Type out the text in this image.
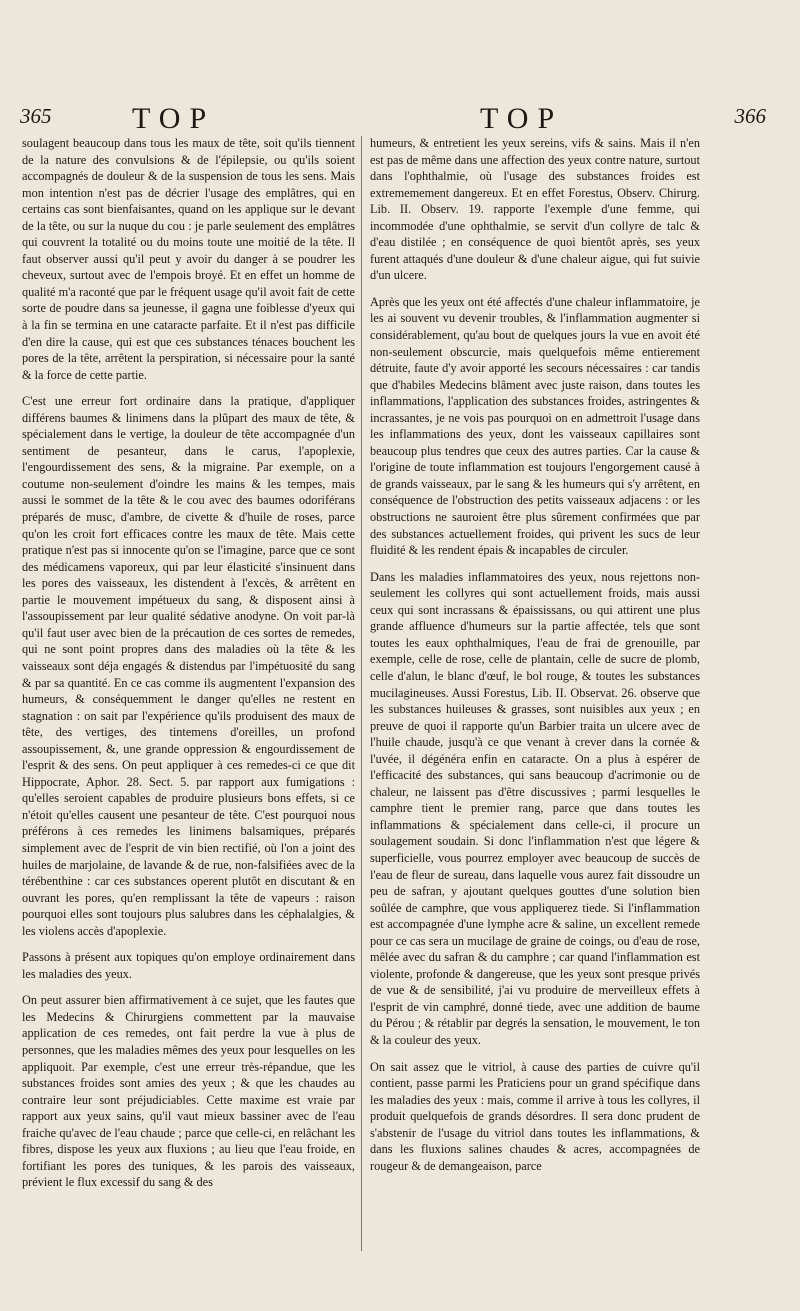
365	TOP	TOP	366

soulagent beaucoup dans tous les maux de tête, soit qu'ils tiennent de la nature des convulsions & de l'épilepsie, ou qu'ils soient accompagnés de douleur & de la suspension de tous les sens. Mais mon intention n'est pas de décrier l'usage des emplâtres, qui en certains cas sont bienfaisantes, quand on les applique sur le devant de la tête, ou sur la nuque du cou : je parle seulement des emplâtres qui couvrent la totalité ou du moins toute une moitié de la tête. Il faut observer aussi qu'il peut y avoir du danger à se poudrer les cheveux, surtout avec de l'empois broyé. Et en effet un homme de qualité m'a raconté que par le fréquent usage qu'il avoit fait de cette sorte de poudre dans sa jeunesse, il gagna une foiblesse d'yeux qui à la fin se termina en une cataracte parfaite. Et il n'est pas difficile d'en dire la cause, qui est que ces substances ténaces bouchent les pores de la tête, arrêtent la perspiration, si nécessaire pour la santé & la force de cette partie.

C'est une erreur fort ordinaire dans la pratique, d'appliquer différens baumes & linimens dans la plûpart des maux de tête, & spécialement dans le vertige, la douleur de tête accompagnée d'un sentiment de pesanteur, dans le carus, l'apoplexie, l'engourdissement des sens, & la migraine. Par exemple, on a coutume non-seulement d'oindre les mains & les tempes, mais aussi le sommet de la tête & le cou avec des baumes odoriférans préparés de musc, d'ambre, de civette & d'huile de roses, parce qu'on les croit fort efficaces contre les maux de tête. Mais cette pratique n'est pas si innocente qu'on se l'imagine, parce que ce sont des médicamens vaporeux, qui par leur élasticité s'insinuent dans les pores des vaisseaux, les distendent à l'excès, & arrêtent en partie le mouvement impétueux du sang, & disposent ainsi à l'assoupissement par leur qualité sédative anodyne. On voit par-là qu'il faut user avec bien de la précaution de ces sortes de remedes, qui ne sont point propres dans des maladies où la tête & les vaisseaux sont déja engagés & distendus par l'impétuosité du sang & par sa quantité. En ce cas comme ils augmentent l'expansion des humeurs, & conséquemment le danger qu'elles ne restent en stagnation : on sait par l'expérience qu'ils produisent des maux de tête, des vertiges, des tintemens d'oreilles, un profond assoupissement, &, une grande oppression & engourdissement de l'esprit & des sens. On peut appliquer à ces remedes-ci ce que dit Hippocrate, Aphor. 28. Sect. 5. par rapport aux fumigations : qu'elles seroient capables de produire plusieurs bons effets, si ce n'étoit qu'elles causent une pesanteur de tête. C'est pourquoi nous préférons à ces remedes les linimens balsamiques, préparés simplement avec de l'esprit de vin bien rectifié, où l'on a joint des huiles de marjolaine, de lavande & de rue, non-falsifiées avec de la térébenthine : car ces substances operent plutôt en discutant & en ouvrant les pores, qu'en remplissant la tête de vapeurs : raison pourquoi elles sont toujours plus salubres dans les céphalalgies, & les violens accès d'apoplexie.

Passons à présent aux topiques qu'on employe ordinairement dans les maladies des yeux.

On peut assurer bien affirmativement à ce sujet, que les fautes que les Medecins & Chirurgiens commettent par la mauvaise application de ces remedes, ont fait perdre la vue à plus de personnes, que les maladies mêmes des yeux pour lesquelles on les appliquoit. Par exemple, c'est une erreur très-répandue, que les substances froides sont amies des yeux ; & que les chaudes au contraire leur sont préjudiciables. Cette maxime est vraie par rapport aux yeux sains, qu'il vaut mieux bassiner avec de l'eau fraiche qu'avec de l'eau chaude ; parce que celle-ci, en relâchant les fibres, dispose les yeux aux fluxions ; au lieu que l'eau froide, en fortifiant les pores des tuniques, & les parois des vaisseaux, prévient le flux excessif du sang & des

humeurs, & entretient les yeux sereins, vifs & sains. Mais il n'en est pas de même dans une affection des yeux contre nature, surtout dans l'ophthalmie, où l'usage des substances froides est extrememement dangereux. Et en effet Forestus, Observ. Chirurg. Lib. II. Observ. 19. rapporte l'exemple d'une femme, qui incommodée d'une ophthalmie, se servit d'un collyre de talc & d'eau distilée ; en conséquence de quoi bientôt après, ses yeux furent attaqués d'une douleur & d'une chaleur aigue, qui fut suivie d'un ulcere.

Après que les yeux ont été affectés d'une chaleur inflammatoire, je les ai souvent vu devenir troubles, & l'inflammation augmenter si considérablement, qu'au bout de quelques jours la vue en avoit été non-seulement obscurcie, mais quelquefois même entierement détruite, faute d'y avoir apporté les secours nécessaires : car tandis que d'habiles Medecins blâment avec juste raison, dans toutes les inflammations, l'application des substances froides, astringentes & incrassantes, je ne vois pas pourquoi on en admettroit l'usage dans les inflammations des yeux, dont les vaisseaux capillaires sont beaucoup plus tendres que ceux des autres parties. Car la cause & l'origine de toute inflammation est toujours l'engorgement causé à de grands vaisseaux, par le sang & les humeurs qui s'y arrêtent, en conséquence de l'obstruction des petits vaisseaux adjacens : or les obstructions ne sauroient être plus sûrement confirmées que par des substances actuellement froides, qui privent les sucs de leur fluidité & les rendent épais & incapables de circuler.

Dans les maladies inflammatoires des yeux, nous rejettons non-seulement les collyres qui sont actuellement froids, mais aussi ceux qui sont incrassans & épaississans, ou qui attirent une plus grande affluence d'humeurs sur la partie affectée, tels que sont toutes les eaux ophthalmiques, l'eau de frai de grenouille, par exemple, celle de rose, celle de plantain, celle de sucre de plomb, celle d'alun, le blanc d'œuf, le bol rouge, & toutes les substances mucilagineuses. Aussi Forestus, Lib. II. Observat. 26. observe que les substances huileuses & grasses, sont nuisibles aux yeux ; en preuve de quoi il rapporte qu'un Barbier traita un ulcere avec de l'huile chaude, jusqu'à ce que venant à crever dans la cornée & l'uvée, il dégénéra enfin en cataracte. On a plus à espérer de l'efficacité des substances, qui sans beaucoup d'acrimonie ou de chaleur, ne laissent pas d'être discussives ; parmi lesquelles le camphre tient le premier rang, parce que dans toutes les inflammations & spécialement dans celle-ci, il procure un soulagement soudain. Si donc l'inflammation n'est que légere & superficielle, vous pourrez employer avec beaucoup de succès de l'eau de fleur de sureau, dans laquelle vous aurez fait dissoudre un peu de safran, y ajoutant quelques gouttes d'une solution bien soûlée de camphre, que vous appliquerez tiede. Si l'inflammation est accompagnée d'une lymphe acre & saline, un excellent remede pour ce cas sera un mucilage de graine de coings, ou d'eau de rose, mêlée avec du safran & du camphre ; car quand l'inflammation est violente, profonde & dangereuse, que les yeux sont presque privés de vue & de sensibilité, j'ai vu produire de merveilleux effets à l'esprit de vin camphré, donné tiede, avec une addition de baume du Pérou ; & rétablir par degrés la sensation, le mouvement, le ton & la couleur des yeux.

On sait assez que le vitriol, à cause des parties de cuivre qu'il contient, passe parmi les Praticiens pour un grand spécifique dans les maladies des yeux : mais, comme il arrive à tous les collyres, il produit quelquefois de grands désordres. Il sera donc prudent de s'abstenir de l'usage du vitriol dans toutes les inflammations, & dans les fluxions salines chaudes & acres, accompagnées de rougeur & de demangeaison, parce
